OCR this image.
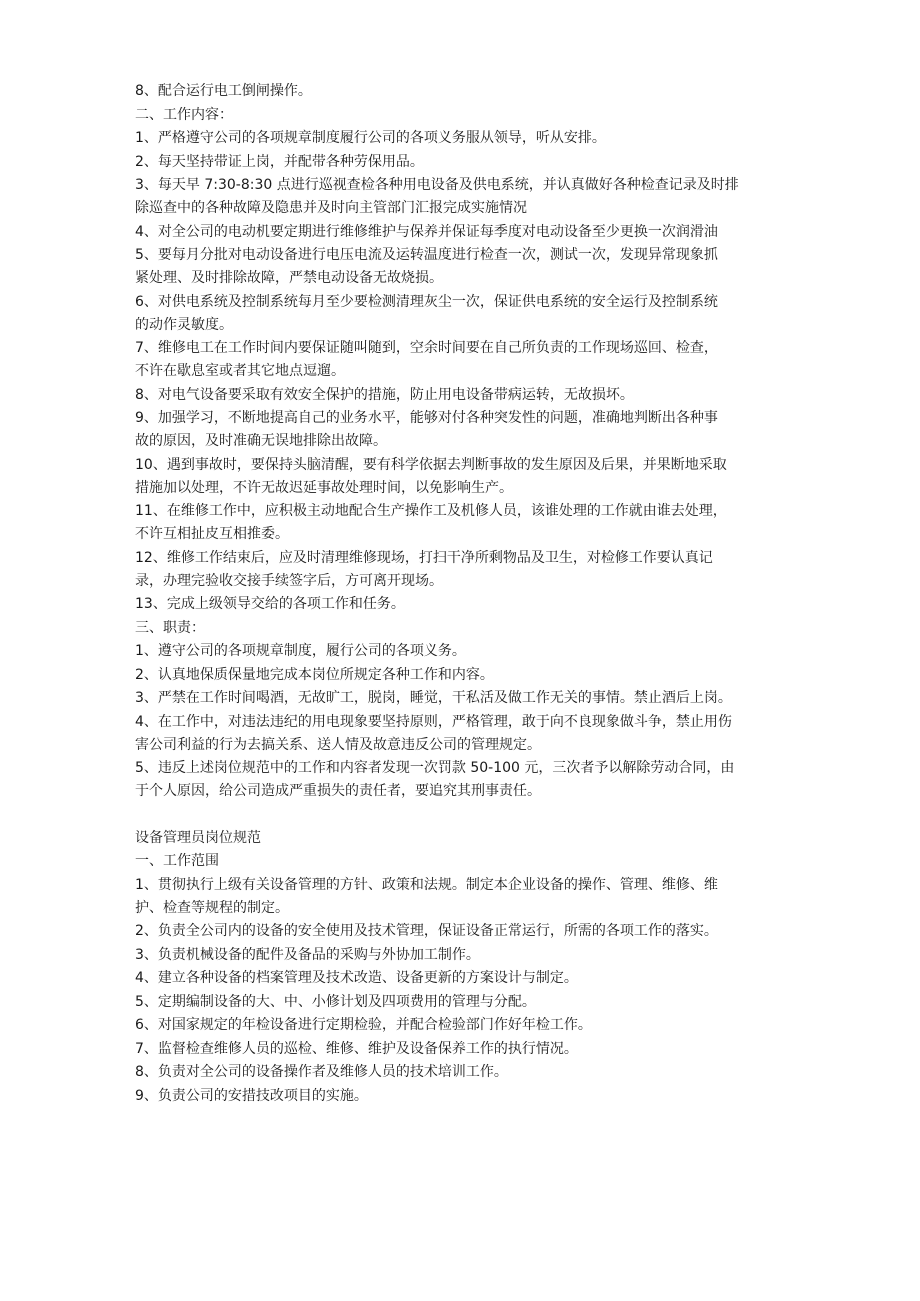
8、配合运行电工倒闸操作。
二、工作内容：
1、严格遵守公司的各项规章制度履行公司的各项义务服从领导，听从安排。
2、每天坚持带证上岗，并配带各种劳保用品。
3、每天早 7:30-8:30 点进行巡视查检各种用电设备及供电系统，并认真做好各种检查记录及时排
除巡查中的各种故障及隐患并及时向主管部门汇报完成实施情况
4、对全公司的电动机要定期进行维修维护与保养并保证每季度对电动设备至少更换一次润滑油
5、要每月分批对电动设备进行电压电流及运转温度进行检查一次，测试一次，发现异常现象抓
紧处理、及时排除故障，严禁电动设备无故烧损。
6、对供电系统及控制系统每月至少要检测清理灰尘一次，保证供电系统的安全运行及控制系统
的动作灵敏度。
7、维修电工在工作时间内要保证随叫随到，空余时间要在自己所负责的工作现场巡回、检查，
不许在歇息室或者其它地点逗遛。
8、对电气设备要采取有效安全保护的措施，防止用电设备带病运转，无故损坏。
9、加强学习，不断地提高自己的业务水平，能够对付各种突发性的问题，准确地判断出各种事
故的原因，及时准确无误地排除出故障。
10、遇到事故时，要保持头脑清醒，要有科学依据去判断事故的发生原因及后果，并果断地采取
措施加以处理，不许无故迟延事故处理时间，以免影响生产。
11、在维修工作中，应积极主动地配合生产操作工及机修人员，该谁处理的工作就由谁去处理，
不许互相扯皮互相推委。
12、维修工作结束后，应及时清理维修现场，打扫干净所剩物品及卫生，对检修工作要认真记
录，办理完验收交接手续签字后，方可离开现场。
13、完成上级领导交给的各项工作和任务。
三、职责：
1、遵守公司的各项规章制度，履行公司的各项义务。
2、认真地保质保量地完成本岗位所规定各种工作和内容。
3、严禁在工作时间喝酒，无故旷工，脱岗，睡觉，干私活及做工作无关的事情。禁止酒后上岗。
4、在工作中，对违法违纪的用电现象要坚持原则，严格管理，敢于向不良现象做斗争，禁止用伤
害公司利益的行为去搞关系、送人情及故意违反公司的管理规定。
5、违反上述岗位规范中的工作和内容者发现一次罚款 50-100 元，三次者予以解除劳动合同，由
于个人原因，给公司造成严重损失的责任者，要追究其刑事责任。
设备管理员岗位规范
一、工作范围
1、贯彻执行上级有关设备管理的方针、政策和法规。制定本企业设备的操作、管理、维修、维
护、检查等规程的制定。
2、负责全公司内的设备的安全使用及技术管理，保证设备正常运行，所需的各项工作的落实。
3、负责机械设备的配件及备品的采购与外协加工制作。
4、建立各种设备的档案管理及技术改造、设备更新的方案设计与制定。
5、定期编制设备的大、中、小修计划及四项费用的管理与分配。
6、对国家规定的年检设备进行定期检验，并配合检验部门作好年检工作。
7、监督检查维修人员的巡检、维修、维护及设备保养工作的执行情况。
8、负责对全公司的设备操作者及维修人员的技术培训工作。
9、负责公司的安措技改项目的实施。
